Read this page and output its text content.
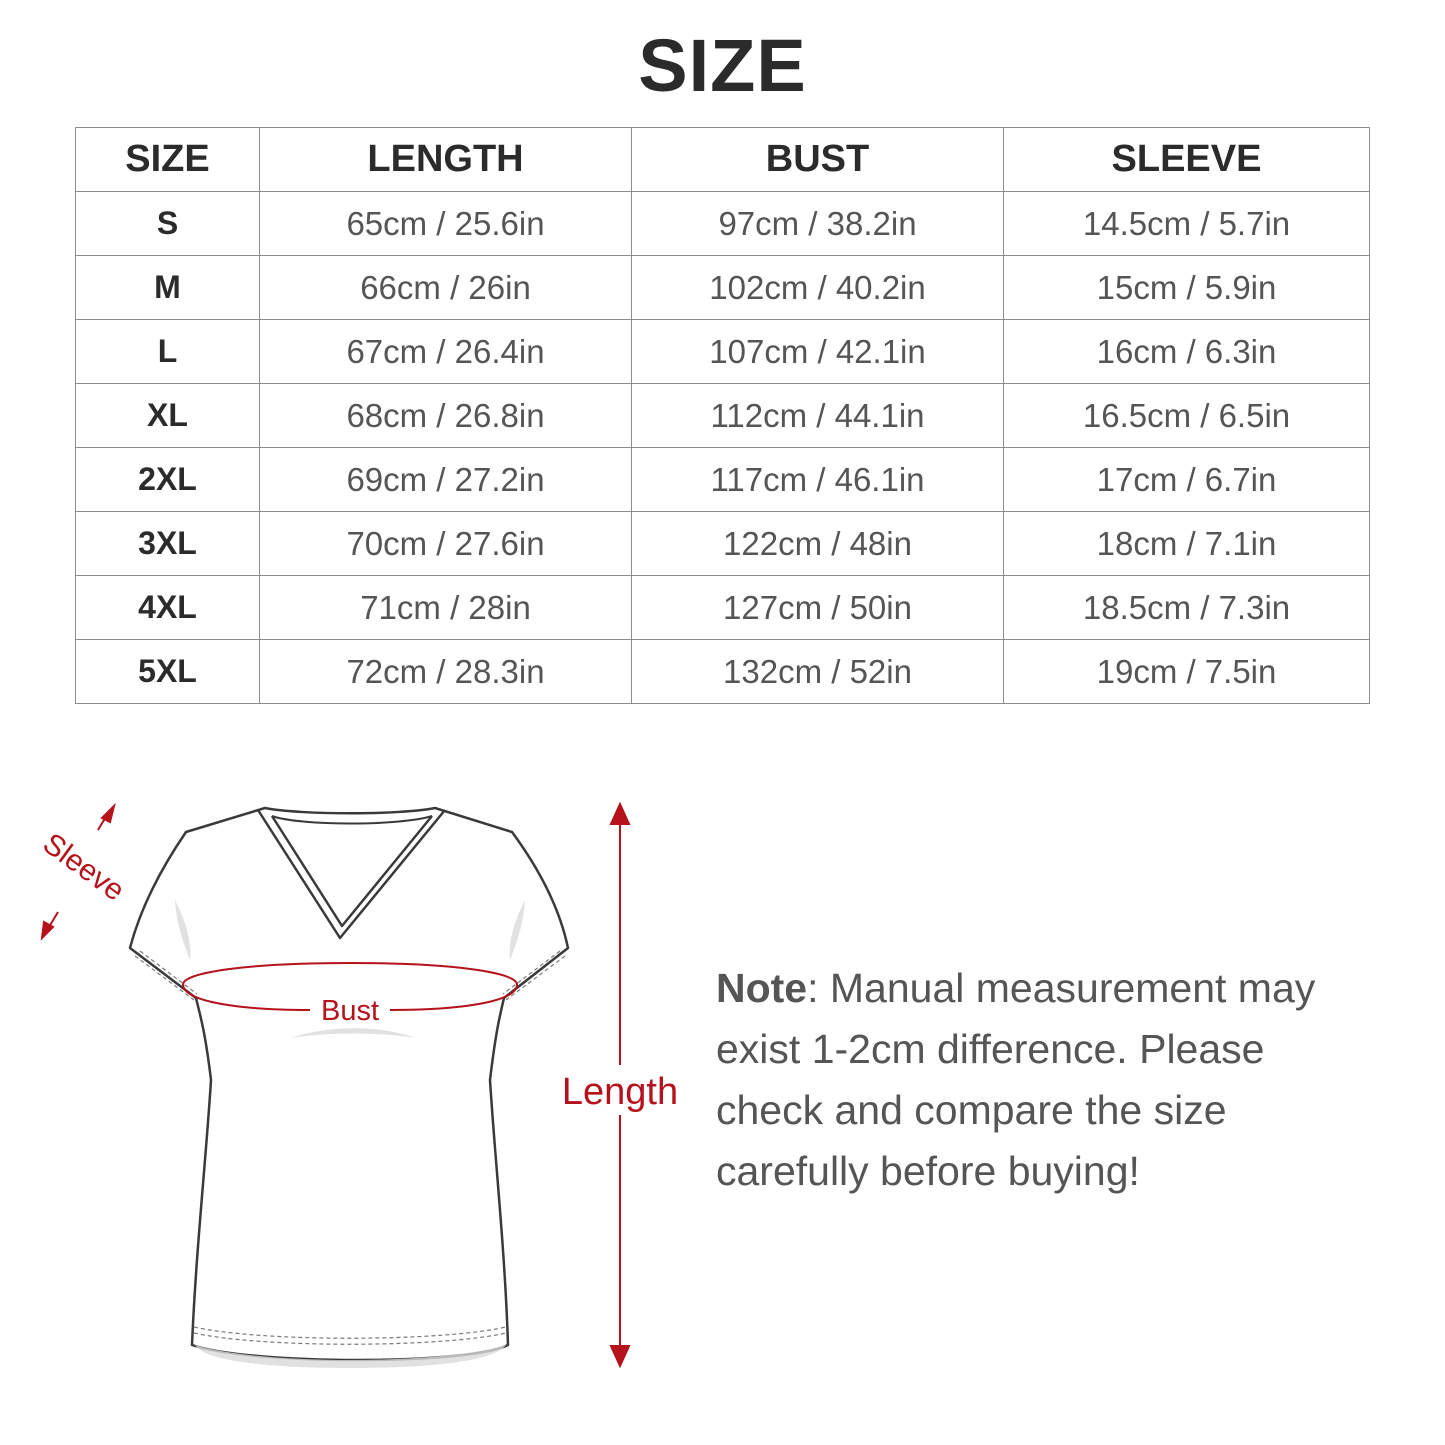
SIZE
SIZE	LENGTH	BUST	SLEEVE
S	65cm / 25.6in	97cm / 38.2in	14.5cm / 5.7in
M	66cm / 26in	102cm / 40.2in	15cm / 5.9in
L	67cm / 26.4in	107cm / 42.1in	16cm / 6.3in
XL	68cm / 26.8in	112cm / 44.1in	16.5cm / 6.5in
2XL	69cm / 27.2in	117cm / 46.1in	17cm / 6.7in
3XL	70cm / 27.6in	122cm / 48in	18cm / 7.1in
4XL	71cm / 28in	127cm / 50in	18.5cm / 7.3in
5XL	72cm / 28.3in	132cm / 52in	19cm / 7.5in
Sleeve
Bust
Length
Note: Manual measurement may exist 1-2cm difference. Please check and compare the size carefully before buying!
